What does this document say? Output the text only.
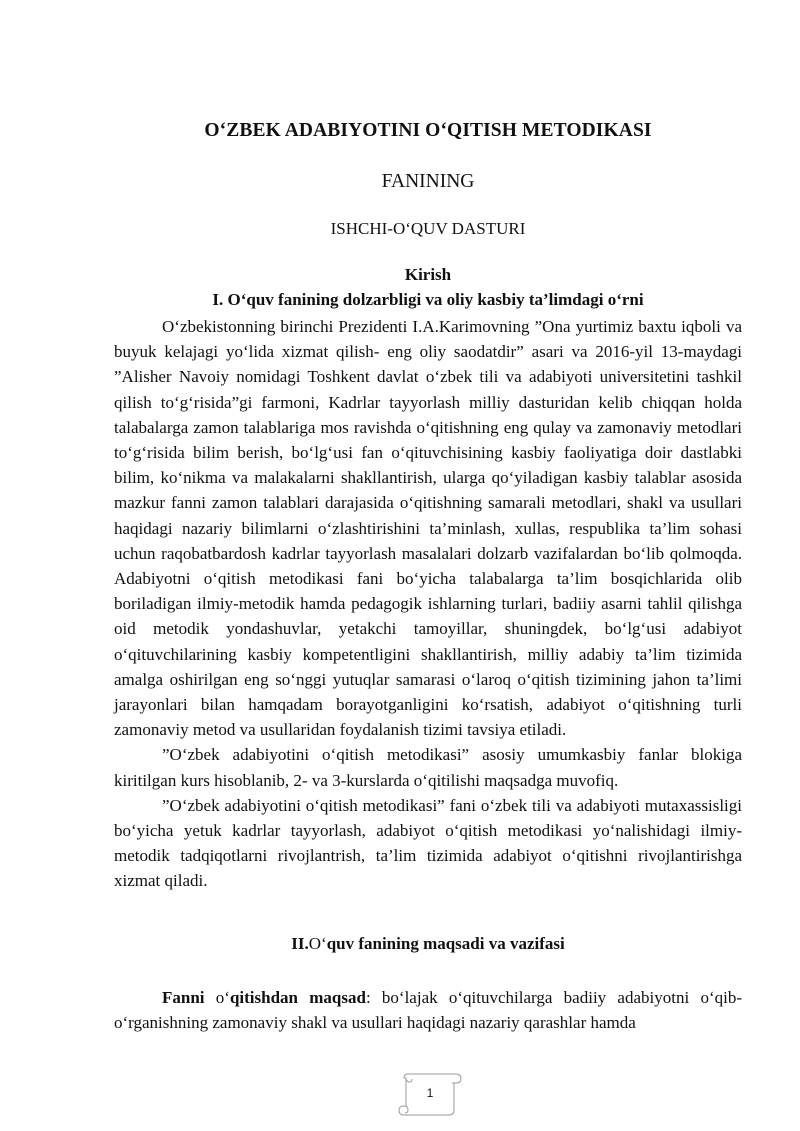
O‘ZBEK ADABIYOTINI O‘QITISH METODIKASI
FANINING
ISHCHI-O‘QUV DASTURI
Kirish
I. O‘quv fanining dolzarbligi va oliy kasbiy ta’limdagi o‘rni

O‘zbekistonning birinchi Prezidenti I.A.Karimovning ”Ona yurtimiz baxtu iqboli va buyuk kelajagi yo‘lida xizmat qilish- eng oliy saodatdir” asari va 2016-yil 13-maydagi ”Alisher Navoiy nomidagi Toshkent davlat o‘zbek tili va adabiyoti universitetini tashkil qilish to‘g‘risida”gi farmoni, Kadrlar tayyorlash milliy dasturidan kelib chiqqan holda talabalarga zamon talablariga mos ravishda o‘qitishning eng qulay va zamonaviy metodlari to‘g‘risida bilim berish, bo‘lg‘usi fan o‘qituvchisining kasbiy faoliyatiga doir dastlabki bilim, ko‘nikma va malakalarni shakllantirish, ularga qo‘yiladigan kasbiy talablar asosida mazkur fanni zamon talablari darajasida o‘qitishning samarali metodlari, shakl va usullari haqidagi nazariy bilimlarni o‘zlashtirishini ta’minlash, xullas, respublika ta’lim sohasi uchun raqobatbardosh kadrlar tayyorlash masalalari dolzarb vazifalardan bo‘lib qolmoqda. Adabiyotni o‘qitish metodikasi fani bo‘yicha talabalarga ta’lim bosqichlarida olib boriladigan ilmiy-metodik hamda pedagogik ishlarning turlari, badiiy asarni tahlil qilishga oid metodik yondashuvlar, yetakchi tamoyillar, shuningdek, bo‘lg‘usi adabiyot o‘qituvchilarining kasbiy kompetentligini shakllantirish, milliy adabiy ta’lim tizimida amalga oshirilgan eng so‘nggi yutuqlar samarasi o‘laroq o‘qitish tizimining jahon ta’limi jarayonlari bilan hamqadam borayotganligini ko‘rsatish, adabiyot o‘qitishning turli zamonaviy metod va usullaridan foydalanish tizimi tavsiya etiladi.

”O‘zbek adabiyotini o‘qitish metodikasi” asosiy umumkasbiy fanlar blokiga kiritilgan kurs hisoblanib, 2- va 3-kurslarda o‘qitilishi maqsadga muvofiq.

”O‘zbek adabiyotini o‘qitish metodikasi” fani o‘zbek tili va adabiyoti mutaxassisligi bo‘yicha yetuk kadrlar tayyorlash, adabiyot o‘qitish metodikasi yo‘nalishidagi ilmiy-metodik tadqiqotlarni rivojlantrish, ta’lim tizimida adabiyot o‘qitishni rivojlantirishga xizmat qiladi.

II.O‘quv fanining maqsadi va vazifasi

Fanni o‘qitishdan maqsad: bo‘lajak o‘qituvchilarga badiiy adabiyotni o‘qib-o‘rganishning zamonaviy shakl va usullari haqidagi nazariy qarashlar hamda

1
